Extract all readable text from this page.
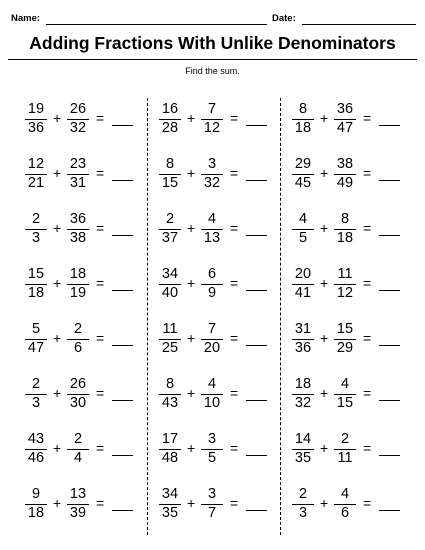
Name:	Date:
Adding Fractions With Unlike Denominators
Find the sum.
19
36
+
26
32
=
12
21
+
23
31
=
2
3
+
36
38
=
15
18
+
18
19
=
5
47
+
2
6
=
2
3
+
26
30
=
43
46
+
2
4
=
9
18
+
13
39
=
16
28
+
7
12
=
8
15
+
3
32
=
2
37
+
4
13
=
34
40
+
6
9
=
11
25
+
7
20
=
8
43
+
4
10
=
17
48
+
3
5
=
34
35
+
3
7
=
8
18
+
36
47
=
29
45
+
38
49
=
4
5
+
8
18
=
20
41
+
11
12
=
31
36
+
15
29
=
18
32
+
4
15
=
14
35
+
2
11
=
2
3
+
4
6
=
